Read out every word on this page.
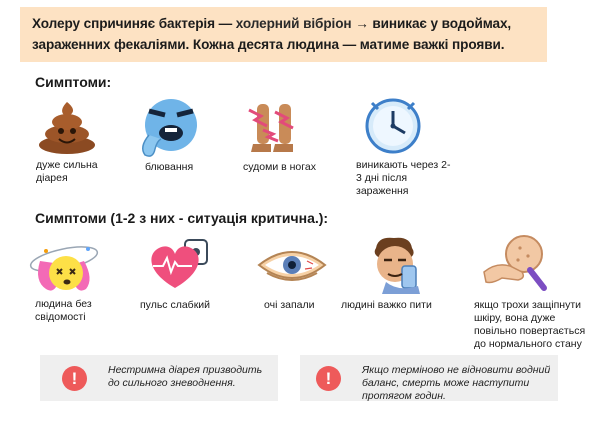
Холеру спричиняє бактерія — холерний вібріон → виникає у водоймах, зараженних фекаліями. Кожна десята людина — матиме важкі прояви.
Симптоми:
дуже сильна діарея
блювання	судоми в ногах	виникають через 2-3 дні після зараження
Симптоми (1-2 з них - ситуація критична.):
людина без свідомості
пульс слабкий	очі запали	людині важко пити	якщо трохи защіпнути шкіру, вона дуже повільно повертається до нормального стану
!	Нестримна діарея призводить до сильного зневоднення.	!	Якщо терміново не відновити водний баланс, смерть може наступити протягом годин.
